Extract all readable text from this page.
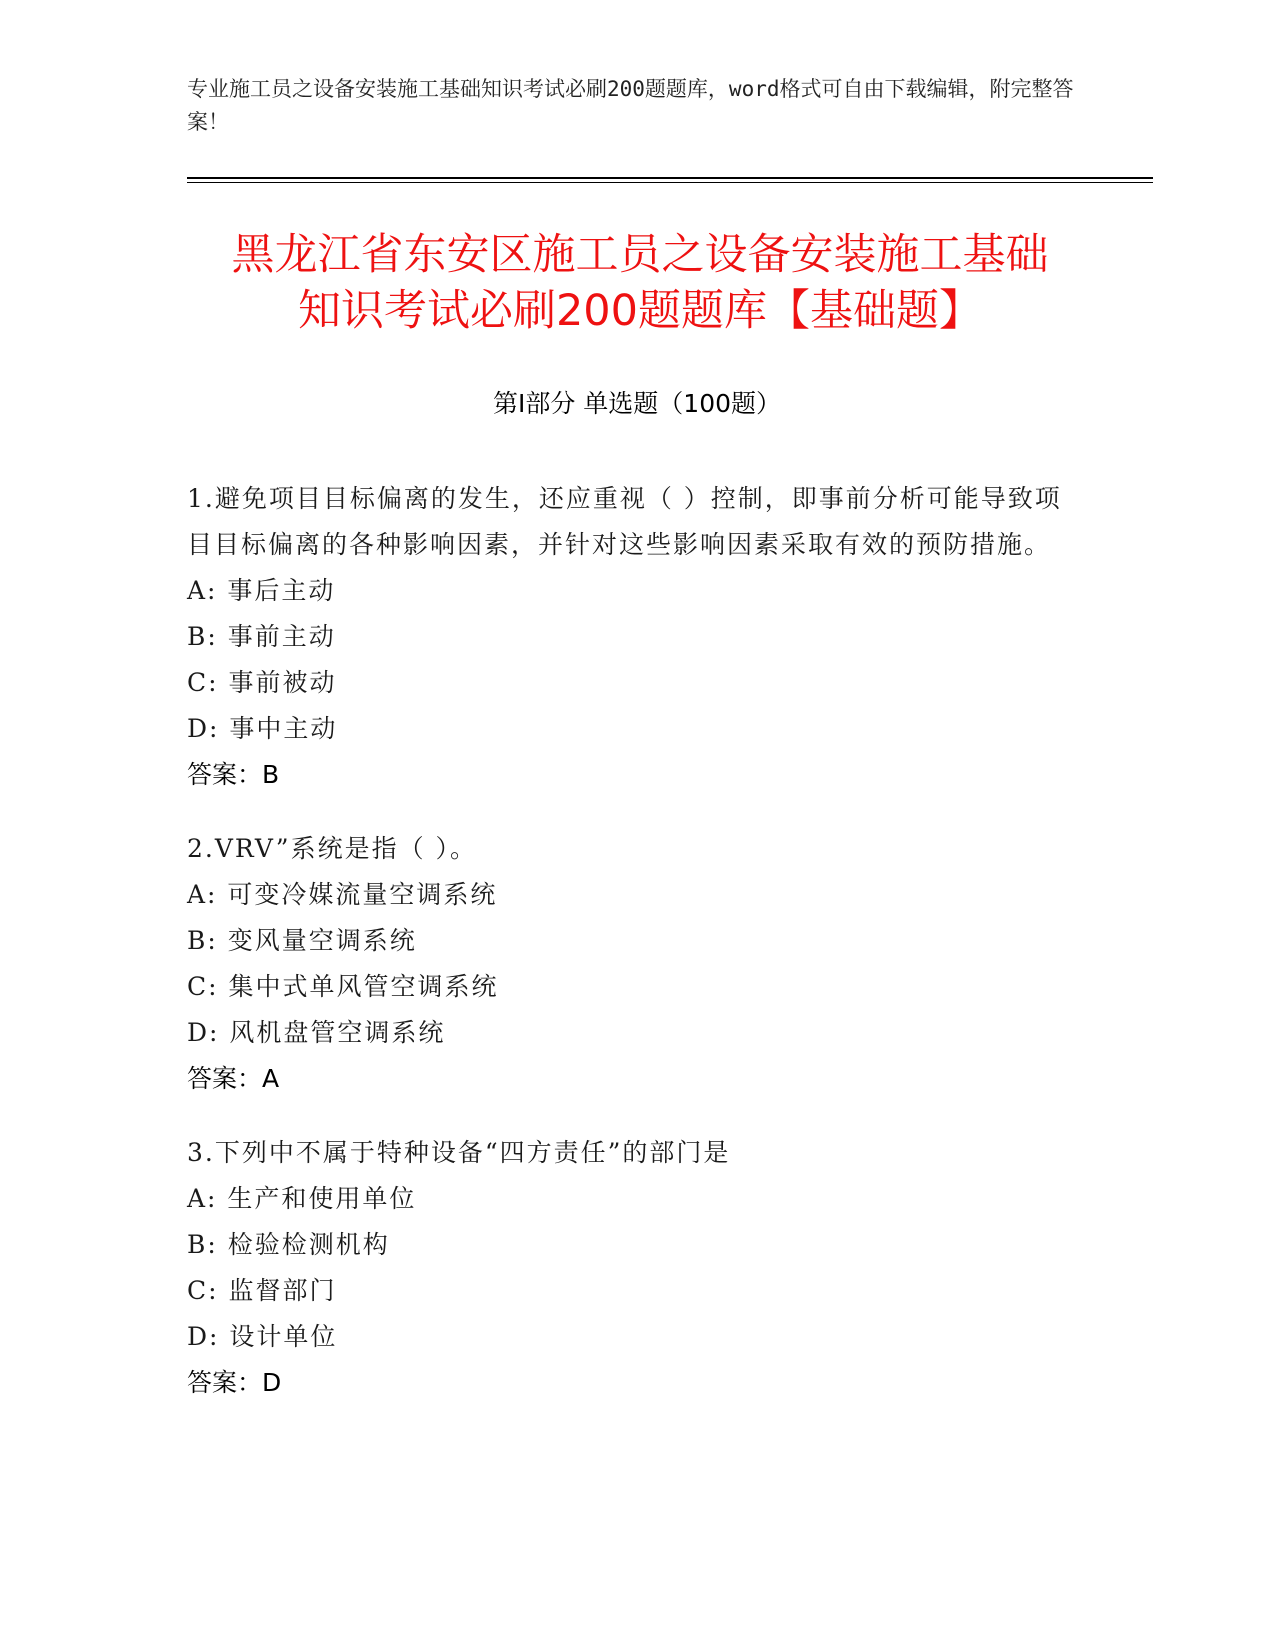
专业施工员之设备安装施工基础知识考试必刷200题题库，word格式可自由下载编辑，附完整答案！
黑龙江省东安区施工员之设备安装施工基础
知识考试必刷200题题库【基础题】
第Ⅰ部分 单选题（100题）
1.避免项目目标偏离的发生，还应重视（ ）控制，即事前分析可能导致项目目标偏离的各种影响因素，并针对这些影响因素采取有效的预防措施。
A: 事后主动
B: 事前主动
C: 事前被动
D: 事中主动
答案：B
2.VRV”系统是指（ ）。
A: 可变冷媒流量空调系统
B: 变风量空调系统
C: 集中式单风管空调系统
D: 风机盘管空调系统
答案：A
3.下列中不属于特种设备“四方责任”的部门是
A: 生产和使用单位
B: 检验检测机构
C: 监督部门
D: 设计单位
答案：D
